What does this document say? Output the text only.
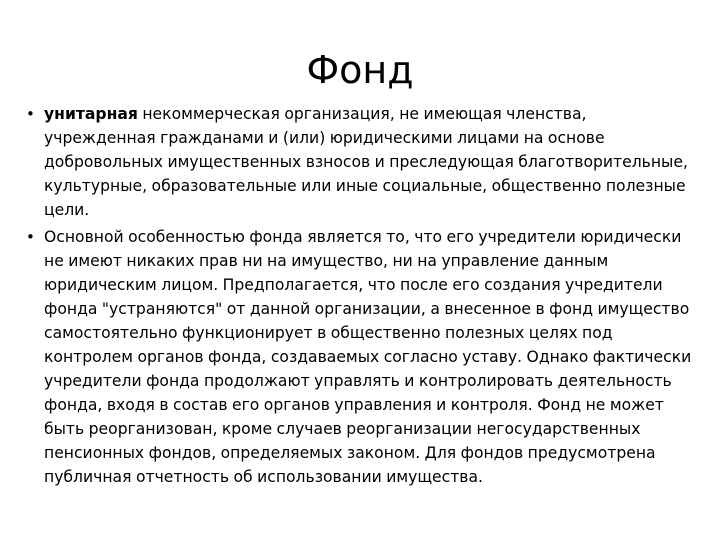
Фонд
• унитарная некоммерческая организация, не имеющая членства, учрежденная гражданами и (или) юридическими лицами на основе добровольных имущественных взносов и преследующая благотворительные, культурные, образовательные или иные социальные, общественно полезные цели.
• Основной особенностью фонда является то, что его учредители юридически не имеют никаких прав ни на имущество, ни на управление данным юридическим лицом. Предполагается, что после его создания учредители фонда "устраняются" от данной организации, а внесенное в фонд имущество самостоятельно функционирует в общественно полезных целях под контролем органов фонда, создаваемых согласно уставу. Однако фактически учредители фонда продолжают управлять и контролировать деятельность фонда, входя в состав его органов управления и контроля. Фонд не может быть реорганизован, кроме случаев реорганизации негосударственных пенсионных фондов, определяемых законом. Для фондов предусмотрена публичная отчетность об использовании имущества.
